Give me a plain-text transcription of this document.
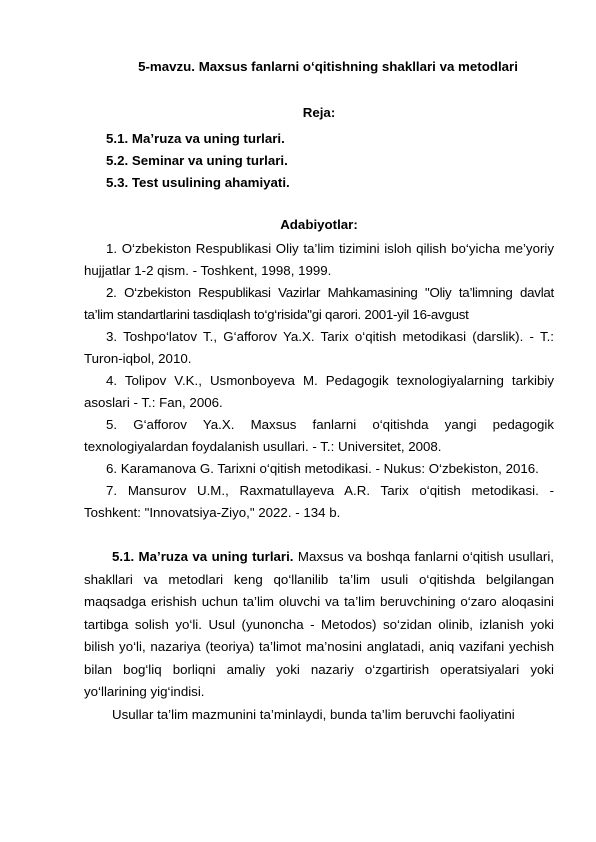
5-mavzu. Maxsus fanlarni o‘qitishning shakllari va metodlari
Reja:
5.1. Ma’ruza va uning turlari.
5.2. Seminar va uning turlari.
5.3. Test usulining ahamiyati.
Adabiyotlar:
1. O‘zbekiston Respublikasi Oliy ta’lim tizimini isloh qilish bo‘yicha me’yoriy hujjatlar 1-2 qism. - Toshkent, 1998, 1999.
2. O‘zbekiston Respublikasi Vazirlar Mahkamasining "Oliy ta’limning davlat ta’lim standartlarini tasdiqlash to‘g‘risida"gi qarori. 2001-yil 16-avgust
3. Toshpo‘latov T., G‘afforov Ya.X. Tarix o‘qitish metodikasi (darslik). - T.: Turon-iqbol, 2010.
4. Tolipov V.K., Usmonboyeva M. Pedagogik texnologiyalarning tarkibiy asoslari - T.: Fan, 2006.
5. G‘afforov Ya.X. Maxsus fanlarni o‘qitishda yangi pedagogik texnologiyalardan foydalanish usullari. - T.: Universitet, 2008.
6. Karamanova G. Tarixni o‘qitish metodikasi. - Nukus: O‘zbekiston, 2016.
7. Mansurov U.M., Raxmatullayeva A.R. Tarix o‘qitish metodikasi. - Toshkent: "Innovatsiya-Ziyo," 2022. - 134 b.

5.1. Ma’ruza va uning turlari. Maxsus va boshqa fanlarni o‘qitish usullari, shakllari va metodlari keng qo‘llanilib ta’lim usuli o‘qitishda belgilangan maqsadga erishish uchun ta’lim oluvchi va ta’lim beruvchining o‘zaro aloqasini tartibga solish yo‘li. Usul (yunoncha - Metodos) so‘zidan olinib, izlanish yoki bilish yo‘li, nazariya (teoriya) ta’limot ma’nosini anglatadi, aniq vazifani yechish bilan bog‘liq borliqni amaliy yoki nazariy o‘zgartirish operatsiyalari yoki yo‘llarining yig‘indisi.

Usullar ta’lim mazmunini ta’minlaydi, bunda ta’lim beruvchi faoliyatini
